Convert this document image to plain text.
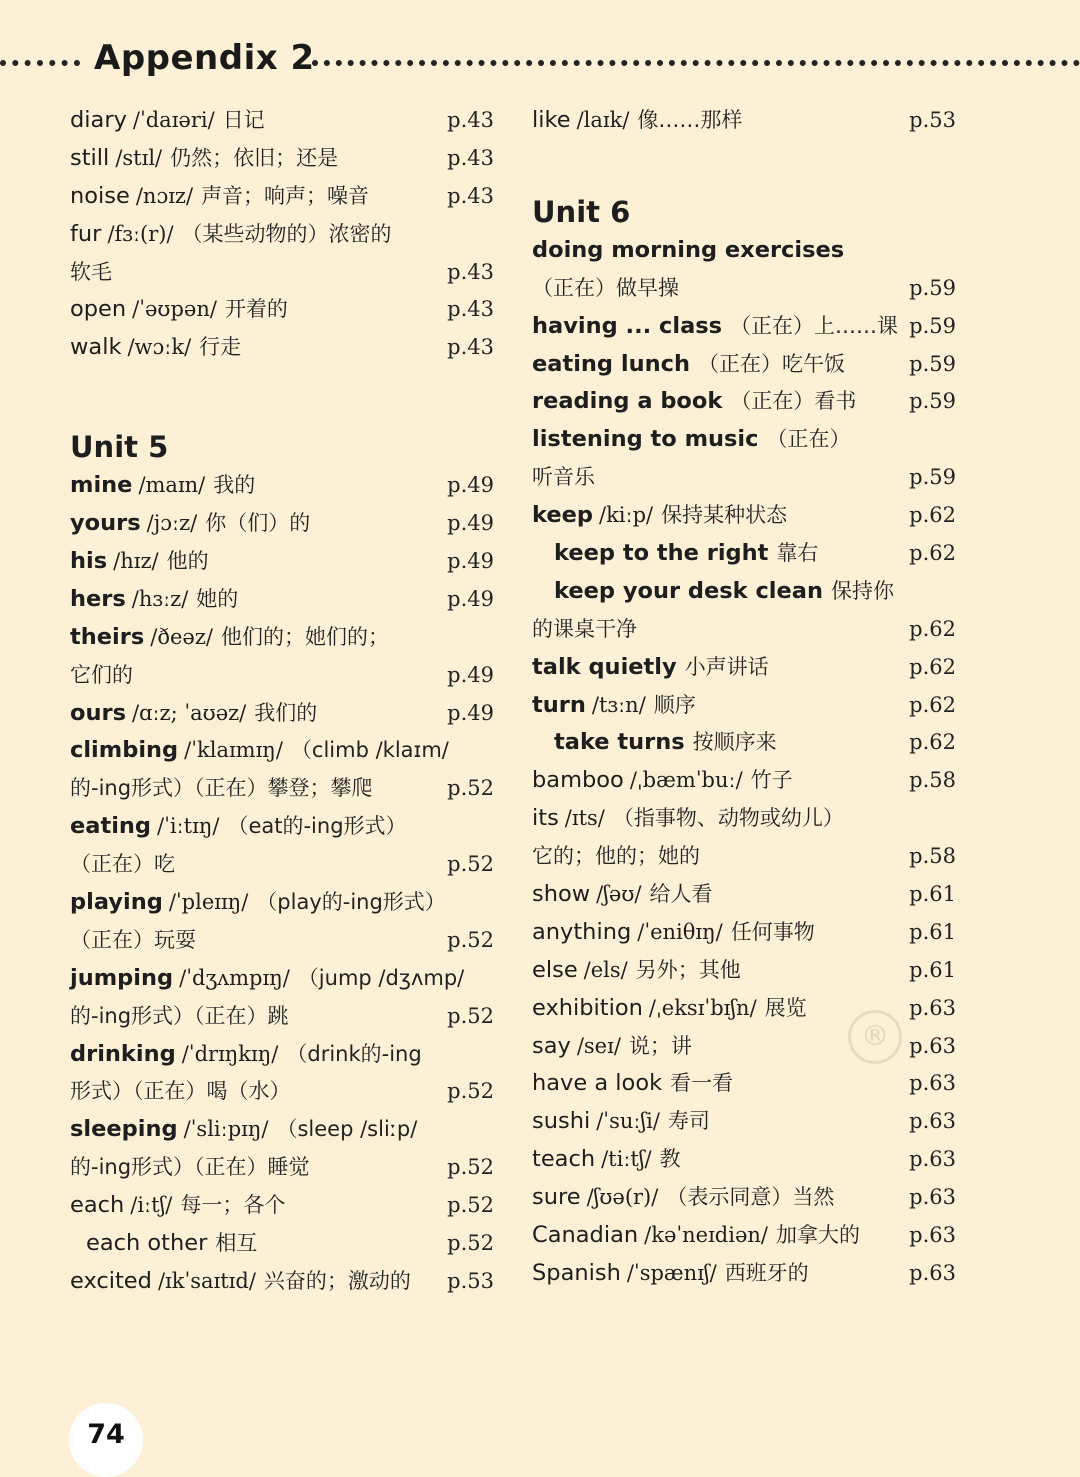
Appendix 2
®
diary /ˈdaɪəri/ 日记	p.43
still /stɪl/ 仍然；依旧；还是	p.43
noise /nɔɪz/ 声音；响声；噪音	p.43
fur /fɜː(r)/ （某些动物的）浓密的
软毛	p.43
open /ˈəʊpən/ 开着的	p.43
walk /wɔːk/ 行走	p.43
Unit 5
mine /maɪn/ 我的	p.49
yours /jɔːz/ 你（们）的	p.49
his /hɪz/ 他的	p.49
hers /hɜːz/ 她的	p.49
theirs /ðeəz/ 他们的；她们的；
它们的	p.49
ours /ɑːz; ˈaʊəz/ 我们的	p.49
climbing /ˈklaɪmɪŋ/ （climb /klaɪm/
的-ing形式）（正在）攀登；攀爬	p.52
eating /ˈiːtɪŋ/ （eat的-ing形式）
（正在）吃	p.52
playing /ˈpleɪɪŋ/ （play的-ing形式）
（正在）玩耍	p.52
jumping /ˈdʒʌmpɪŋ/ （jump /dʒʌmp/
的-ing形式）（正在）跳	p.52
drinking /ˈdrɪŋkɪŋ/ （drink的-ing
形式）（正在）喝（水）	p.52
sleeping /ˈsliːpɪŋ/ （sleep /sliːp/
的-ing形式）（正在）睡觉	p.52
each /iːtʃ/ 每一；各个	p.52
each other 相互	p.52
excited /ɪkˈsaɪtɪd/ 兴奋的；激动的 p.53
like /laɪk/ 像……那样	p.53
Unit 6
doing morning exercises
（正在）做早操	p.59
having ... class （正在）上……课 p.59
eating lunch （正在）吃午饭	p.59
reading a book （正在）看书	p.59
listening to music （正在）
听音乐	p.59
keep /kiːp/ 保持某种状态	p.62
keep to the right 靠右	p.62
keep your desk clean 保持你
的课桌干净	p.62
talk quietly 小声讲话	p.62
turn /tɜːn/ 顺序	p.62
take turns 按顺序来	p.62
bamboo /ˌbæmˈbuː/ 竹子	p.58
its /ɪts/ （指事物、动物或幼儿）
它的；他的；她的	p.58
show /ʃəʊ/ 给人看	p.61
anything /ˈeniθɪŋ/ 任何事物	p.61
else /els/ 另外；其他	p.61
exhibition /ˌeksɪˈbɪʃn/ 展览	p.63
say /seɪ/ 说；讲	p.63
have a look 看一看	p.63
sushi /ˈsuːʃi/ 寿司	p.63
teach /tiːtʃ/ 教	p.63
sure /ʃʊə(r)/ （表示同意）当然	p.63
Canadian /kəˈneɪdiən/ 加拿大的 p.63
Spanish /ˈspænɪʃ/ 西班牙的	p.63
74
